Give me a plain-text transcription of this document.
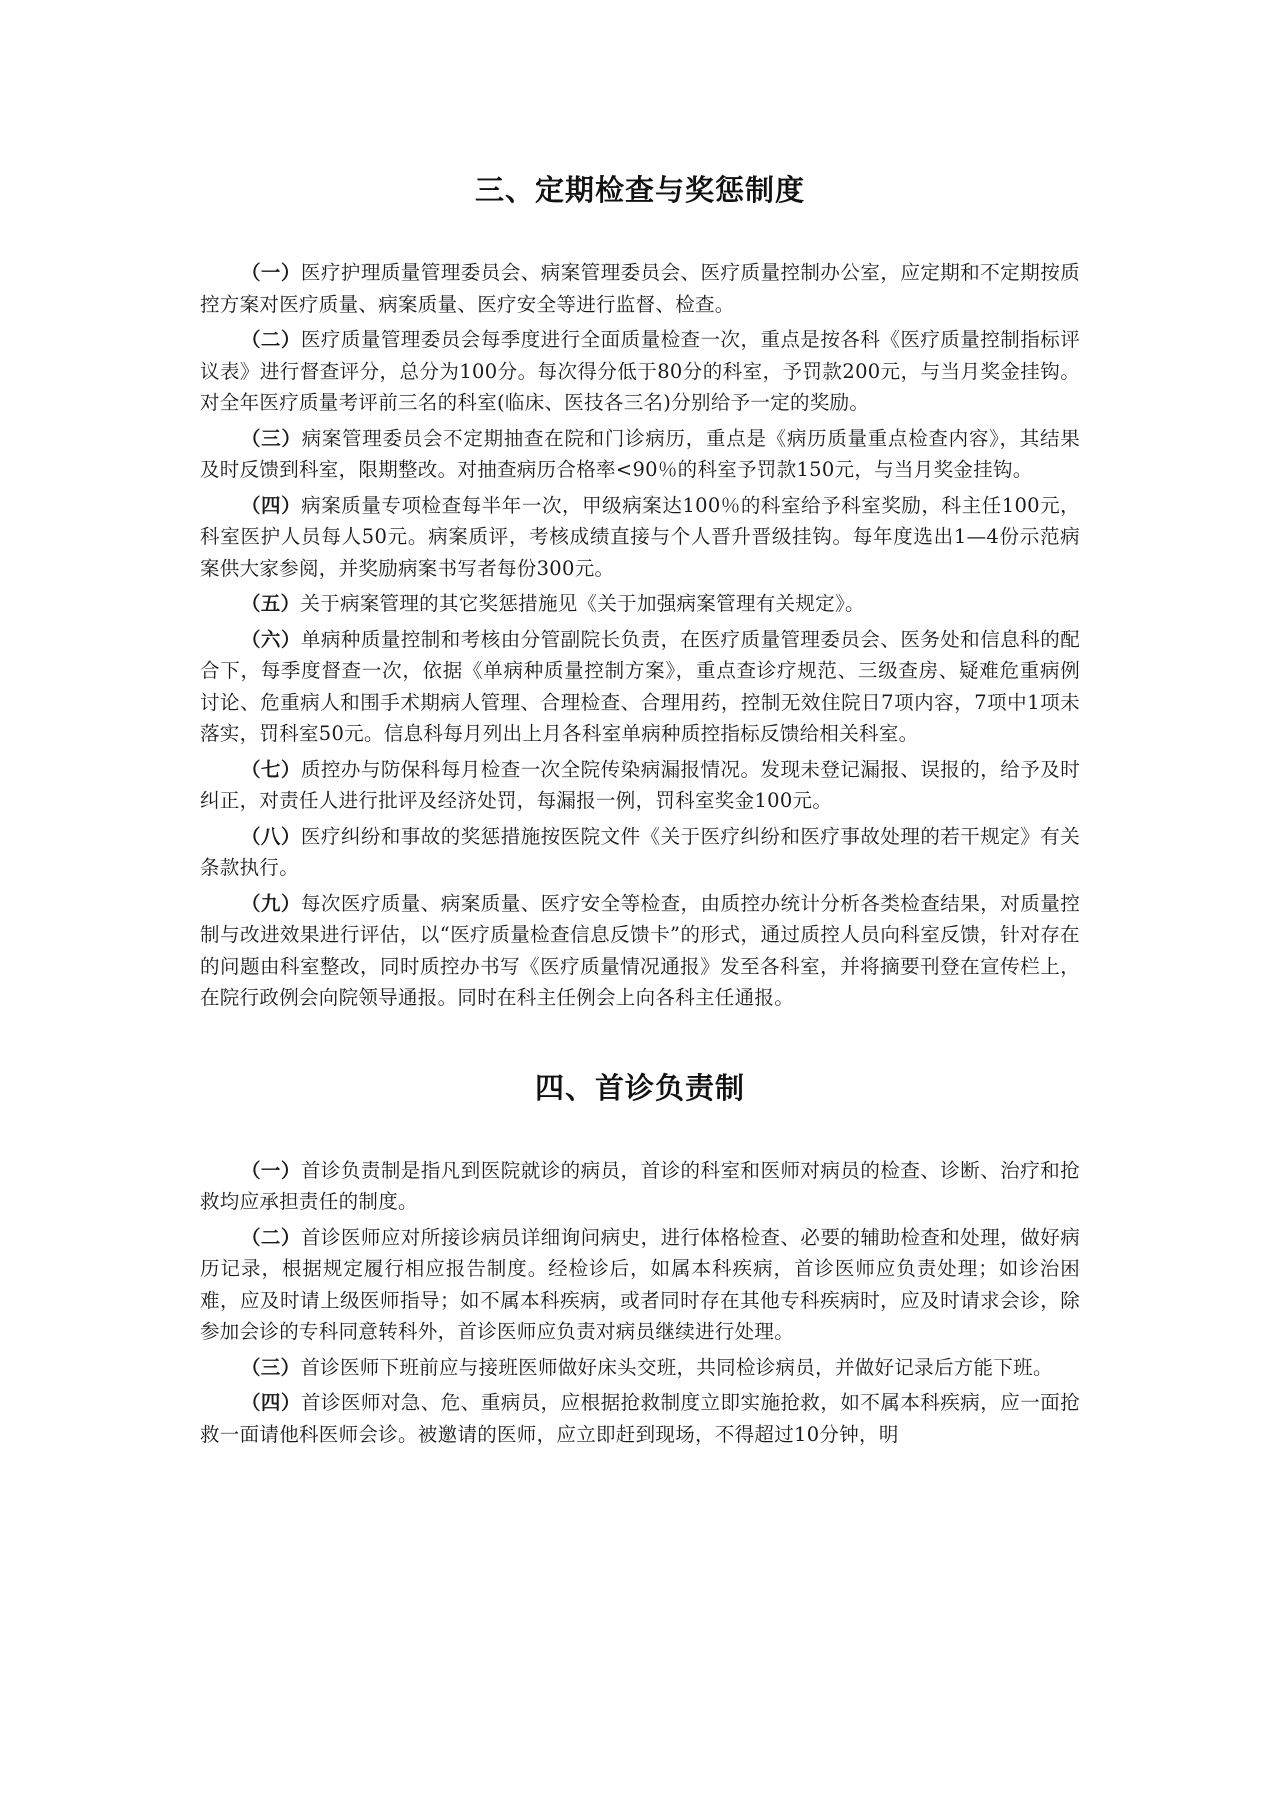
三、定期检查与奖惩制度

（一）医疗护理质量管理委员会、病案管理委员会、医疗质量控制办公室，应定期和不定期按质控方案对医疗质量、病案质量、医疗安全等进行监督、检查。

（二）医疗质量管理委员会每季度进行全面质量检查一次，重点是按各科《医疗质量控制指标评议表》进行督查评分，总分为100分。每次得分低于80分的科室，予罚款200元，与当月奖金挂钩。对全年医疗质量考评前三名的科室(临床、医技各三名)分别给予一定的奖励。

（三）病案管理委员会不定期抽查在院和门诊病历，重点是《病历质量重点检查内容》，其结果及时反馈到科室，限期整改。对抽查病历合格率<90％的科室予罚款150元，与当月奖金挂钩。

（四）病案质量专项检查每半年一次，甲级病案达100％的科室给予科室奖励，科主任100元，科室医护人员每人50元。病案质评，考核成绩直接与个人晋升晋级挂钩。每年度选出1—4份示范病案供大家参阅，并奖励病案书写者每份300元。

（五）关于病案管理的其它奖惩措施见《关于加强病案管理有关规定》。

（六）单病种质量控制和考核由分管副院长负责，在医疗质量管理委员会、医务处和信息科的配合下，每季度督查一次，依据《单病种质量控制方案》，重点查诊疗规范、三级查房、疑难危重病例讨论、危重病人和围手术期病人管理、合理检查、合理用药，控制无效住院日7项内容，7项中1项未落实，罚科室50元。信息科每月列出上月各科室单病种质控指标反馈给相关科室。

（七）质控办与防保科每月检查一次全院传染病漏报情况。发现未登记漏报、误报的，给予及时纠正，对责任人进行批评及经济处罚，每漏报一例，罚科室奖金100元。

（八）医疗纠纷和事故的奖惩措施按医院文件《关于医疗纠纷和医疗事故处理的若干规定》有关条款执行。

（九）每次医疗质量、病案质量、医疗安全等检查，由质控办统计分析各类检查结果，对质量控制与改进效果进行评估，以“医疗质量检查信息反馈卡”的形式，通过质控人员向科室反馈，针对存在的问题由科室整改，同时质控办书写《医疗质量情况通报》发至各科室，并将摘要刊登在宣传栏上，在院行政例会向院领导通报。同时在科主任例会上向各科主任通报。

四、首诊负责制

（一）首诊负责制是指凡到医院就诊的病员，首诊的科室和医师对病员的检查、诊断、治疗和抢救均应承担责任的制度。

（二）首诊医师应对所接诊病员详细询问病史，进行体格检查、必要的辅助检查和处理，做好病历记录，根据规定履行相应报告制度。经检诊后，如属本科疾病，首诊医师应负责处理；如诊治困难，应及时请上级医师指导；如不属本科疾病，或者同时存在其他专科疾病时，应及时请求会诊，除参加会诊的专科同意转科外，首诊医师应负责对病员继续进行处理。

（三）首诊医师下班前应与接班医师做好床头交班，共同检诊病员，并做好记录后方能下班。

（四）首诊医师对急、危、重病员，应根据抢救制度立即实施抢救，如不属本科疾病，应一面抢救一面请他科医师会诊。被邀请的医师，应立即赶到现场，不得超过10分钟，明
